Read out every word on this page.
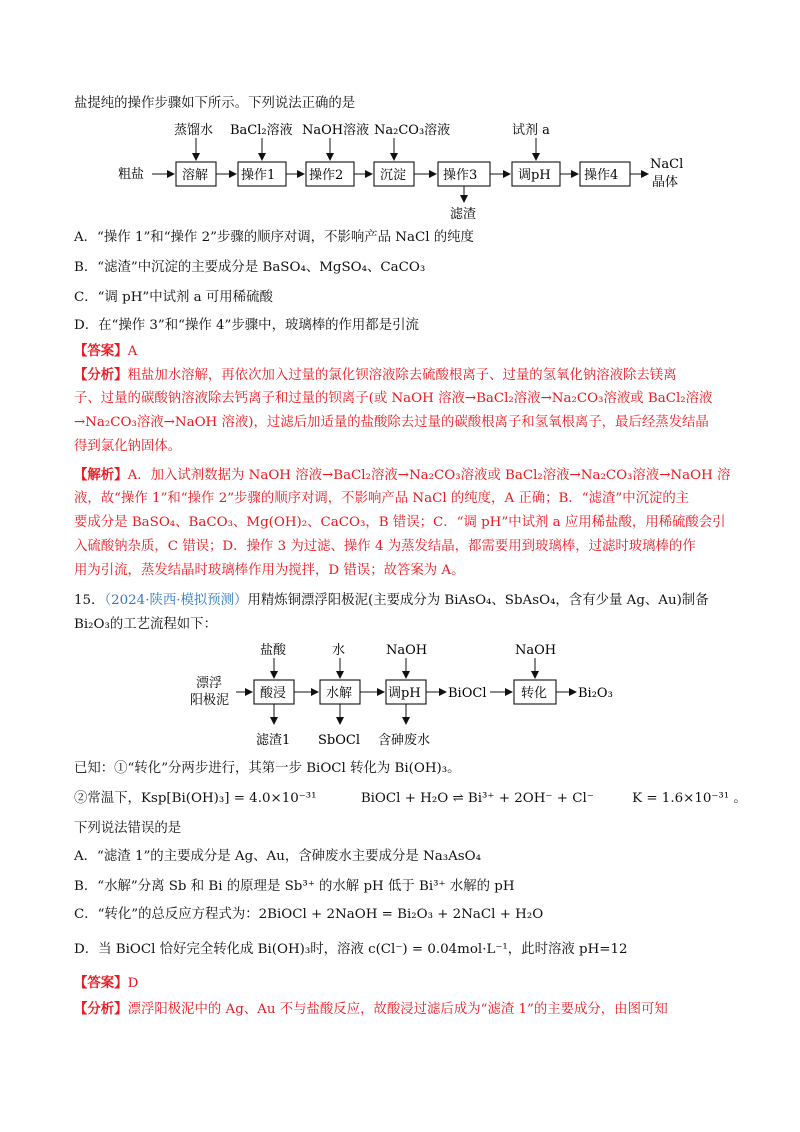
盐提纯的操作步骤如下所示。下列说法正确的是
粗盐	溶解	操作1	操作2	沉淀	操作3	调pH	操作4
NaCl
晶体
蒸馏水 BaCl₂溶液 NaOH溶液 Na₂CO₃溶液	试剂 a
滤渣
A．“操作 1”和“操作 2”步骤的顺序对调，不影响产品 NaCl 的纯度
B．“滤渣”中沉淀的主要成分是 BaSO₄、MgSO₄、CaCO₃
C．“调 pH”中试剂 a 可用稀硫酸
D．在“操作 3”和“操作 4”步骤中，玻璃棒的作用都是引流
【答案】A
【分析】粗盐加水溶解，再依次加入过量的氯化钡溶液除去硫酸根离子、过量的氢氧化钠溶液除去镁离
子、过量的碳酸钠溶液除去钙离子和过量的钡离子(或 NaOH 溶液→BaCl₂溶液→Na₂CO₃溶液或 BaCl₂溶液
→Na₂CO₃溶液→NaOH 溶液)，过滤后加适量的盐酸除去过量的碳酸根离子和氢氧根离子，最后经蒸发结晶
得到氯化钠固体。
【解析】A．加入试剂数据为 NaOH 溶液→BaCl₂溶液→Na₂CO₃溶液或 BaCl₂溶液→Na₂CO₃溶液→NaOH 溶
液，故“操作 1”和“操作 2”步骤的顺序对调，不影响产品 NaCl 的纯度，A 正确；B．“滤渣”中沉淀的主
要成分是 BaSO₄、BaCO₃、Mg(OH)₂、CaCO₃，B 错误；C．“调 pH”中试剂 a 应用稀盐酸，用稀硫酸会引
入硫酸钠杂质，C 错误；D．操作 3 为过滤、操作 4 为蒸发结晶，都需要用到玻璃棒，过滤时玻璃棒的作
用为引流，蒸发结晶时玻璃棒作用为搅拌，D 错误；故答案为 A。
15．（2024·陕西·模拟预测）用精炼铜漂浮阳极泥(主要成分为 BiAsO₄、SbAsO₄，含有少量 Ag、Au)制备
Bi₂O₃的工艺流程如下：
漂浮
阳极泥 酸浸	水解	调pH BiOCl	转化 Bi₂O₃
盐酸	水	NaOH	NaOH
滤渣1 SbOCl 含砷废水
已知：①“转化”分两步进行，其第一步 BiOCl 转化为 Bi(OH)₃。
②常温下，Ksp[Bi(OH)₃] = 4.0×10⁻³¹	BiOCl + H₂O ⇌ Bi³⁺ + 2OH⁻ + Cl⁻	K = 1.6×10⁻³¹ 。
下列说法错误的是
A．“滤渣 1”的主要成分是 Ag、Au，含砷废水主要成分是 Na₃AsO₄
B．“水解”分离 Sb 和 Bi 的原理是 Sb³⁺ 的水解 pH 低于 Bi³⁺ 水解的 pH
C．“转化”的总反应方程式为：2BiOCl + 2NaOH = Bi₂O₃ + 2NaCl + H₂O
D．当 BiOCl 恰好完全转化成 Bi(OH)₃时，溶液 c(Cl⁻) = 0.04mol·L⁻¹，此时溶液 pH=12
【答案】D
【分析】漂浮阳极泥中的 Ag、Au 不与盐酸反应，故酸浸过滤后成为“滤渣 1”的主要成分，由图可知
